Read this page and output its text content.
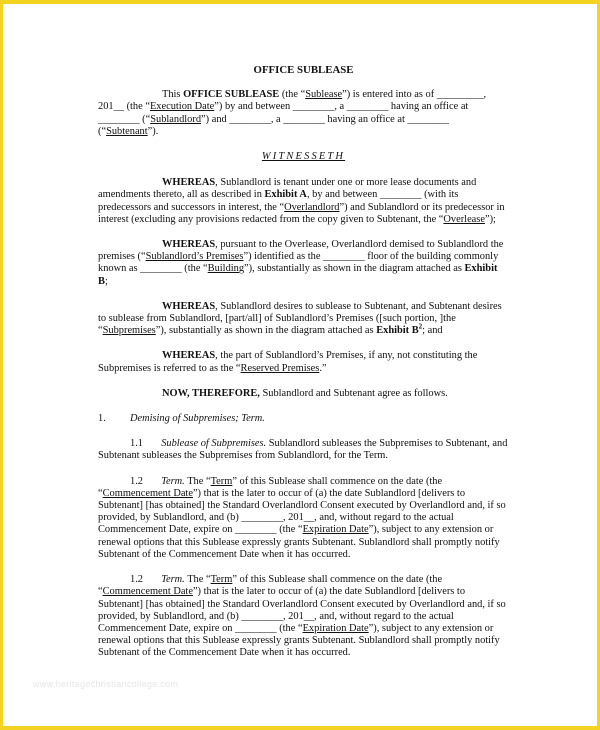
OFFICE SUBLEASE
This OFFICE SUBLEASE (the “Sublease”) is entered into as of _________, 201__ (the “Execution Date”) by and between ________, a ________ having an office at ________ (“Sublandlord”) and ________, a ________ having an office at ________ (“Subtenant”).
WITNESSETH
WHEREAS, Sublandlord is tenant under one or more lease documents and amendments thereto, all as described in Exhibit A, by and between ________ (with its predecessors and successors in interest, the “Overlandlord”) and Sublandlord or its predecessor in interest (excluding any provisions redacted from the copy given to Subtenant, the “Overlease”);
WHEREAS, pursuant to the Overlease, Overlandlord demised to Sublandlord the premises (“Sublandlord’s Premises”) identified as the ________ floor of the building commonly known as ________ (the “Building”), substantially as shown in the diagram attached as Exhibit B;
WHEREAS, Sublandlord desires to sublease to Subtenant, and Subtenant desires to sublease from Sublandlord, [part/all] of Sublandlord’s Premises ([such portion, ]the “Subpremises”), substantially as shown in the diagram attached as Exhibit $B^2$; and
WHEREAS, the part of Sublandlord’s Premises, if any, not constituting the Subpremises is referred to as the “Reserved Premises.”
NOW, THEREFORE, Sublandlord and Subtenant agree as follows.
1. Demising of Subpremises; Term.
1.1 Sublease of Subpremises. Sublandlord subleases the Subpremises to Subtenant, and Subtenant subleases the Subpremises from Sublandlord, for the Term.
1.2 Term. The “Term” of this Sublease shall commence on the date (the “Commencement Date”) that is the later to occur of (a) the date Sublandlord [delivers to Subtenant] [has obtained] the Standard Overlandlord Consent executed by Overlandlord and, if so provided, by Sublandlord, and (b) ________, 201__, and, without regard to the actual Commencement Date, expire on ________ (the “Expiration Date”), subject to any extension or renewal options that this Sublease expressly grants Subtenant. Sublandlord shall promptly notify Subtenant of the Commencement Date when it has occurred.
1.2 Term. The “Term” of this Sublease shall commence on the date (the “Commencement Date”) that is the later to occur of (a) the date Sublandlord [delivers to Subtenant] [has obtained] the Standard Overlandlord Consent executed by Overlandlord and, if so provided, by Sublandlord, and (b) ________, 201__, and, without regard to the actual Commencement Date, expire on ________ (the “Expiration Date”), subject to any extension or renewal options that this Sublease expressly grants Subtenant. Sublandlord shall promptly notify Subtenant of the Commencement Date when it has occurred.
www.heritagechristiancollege.com
